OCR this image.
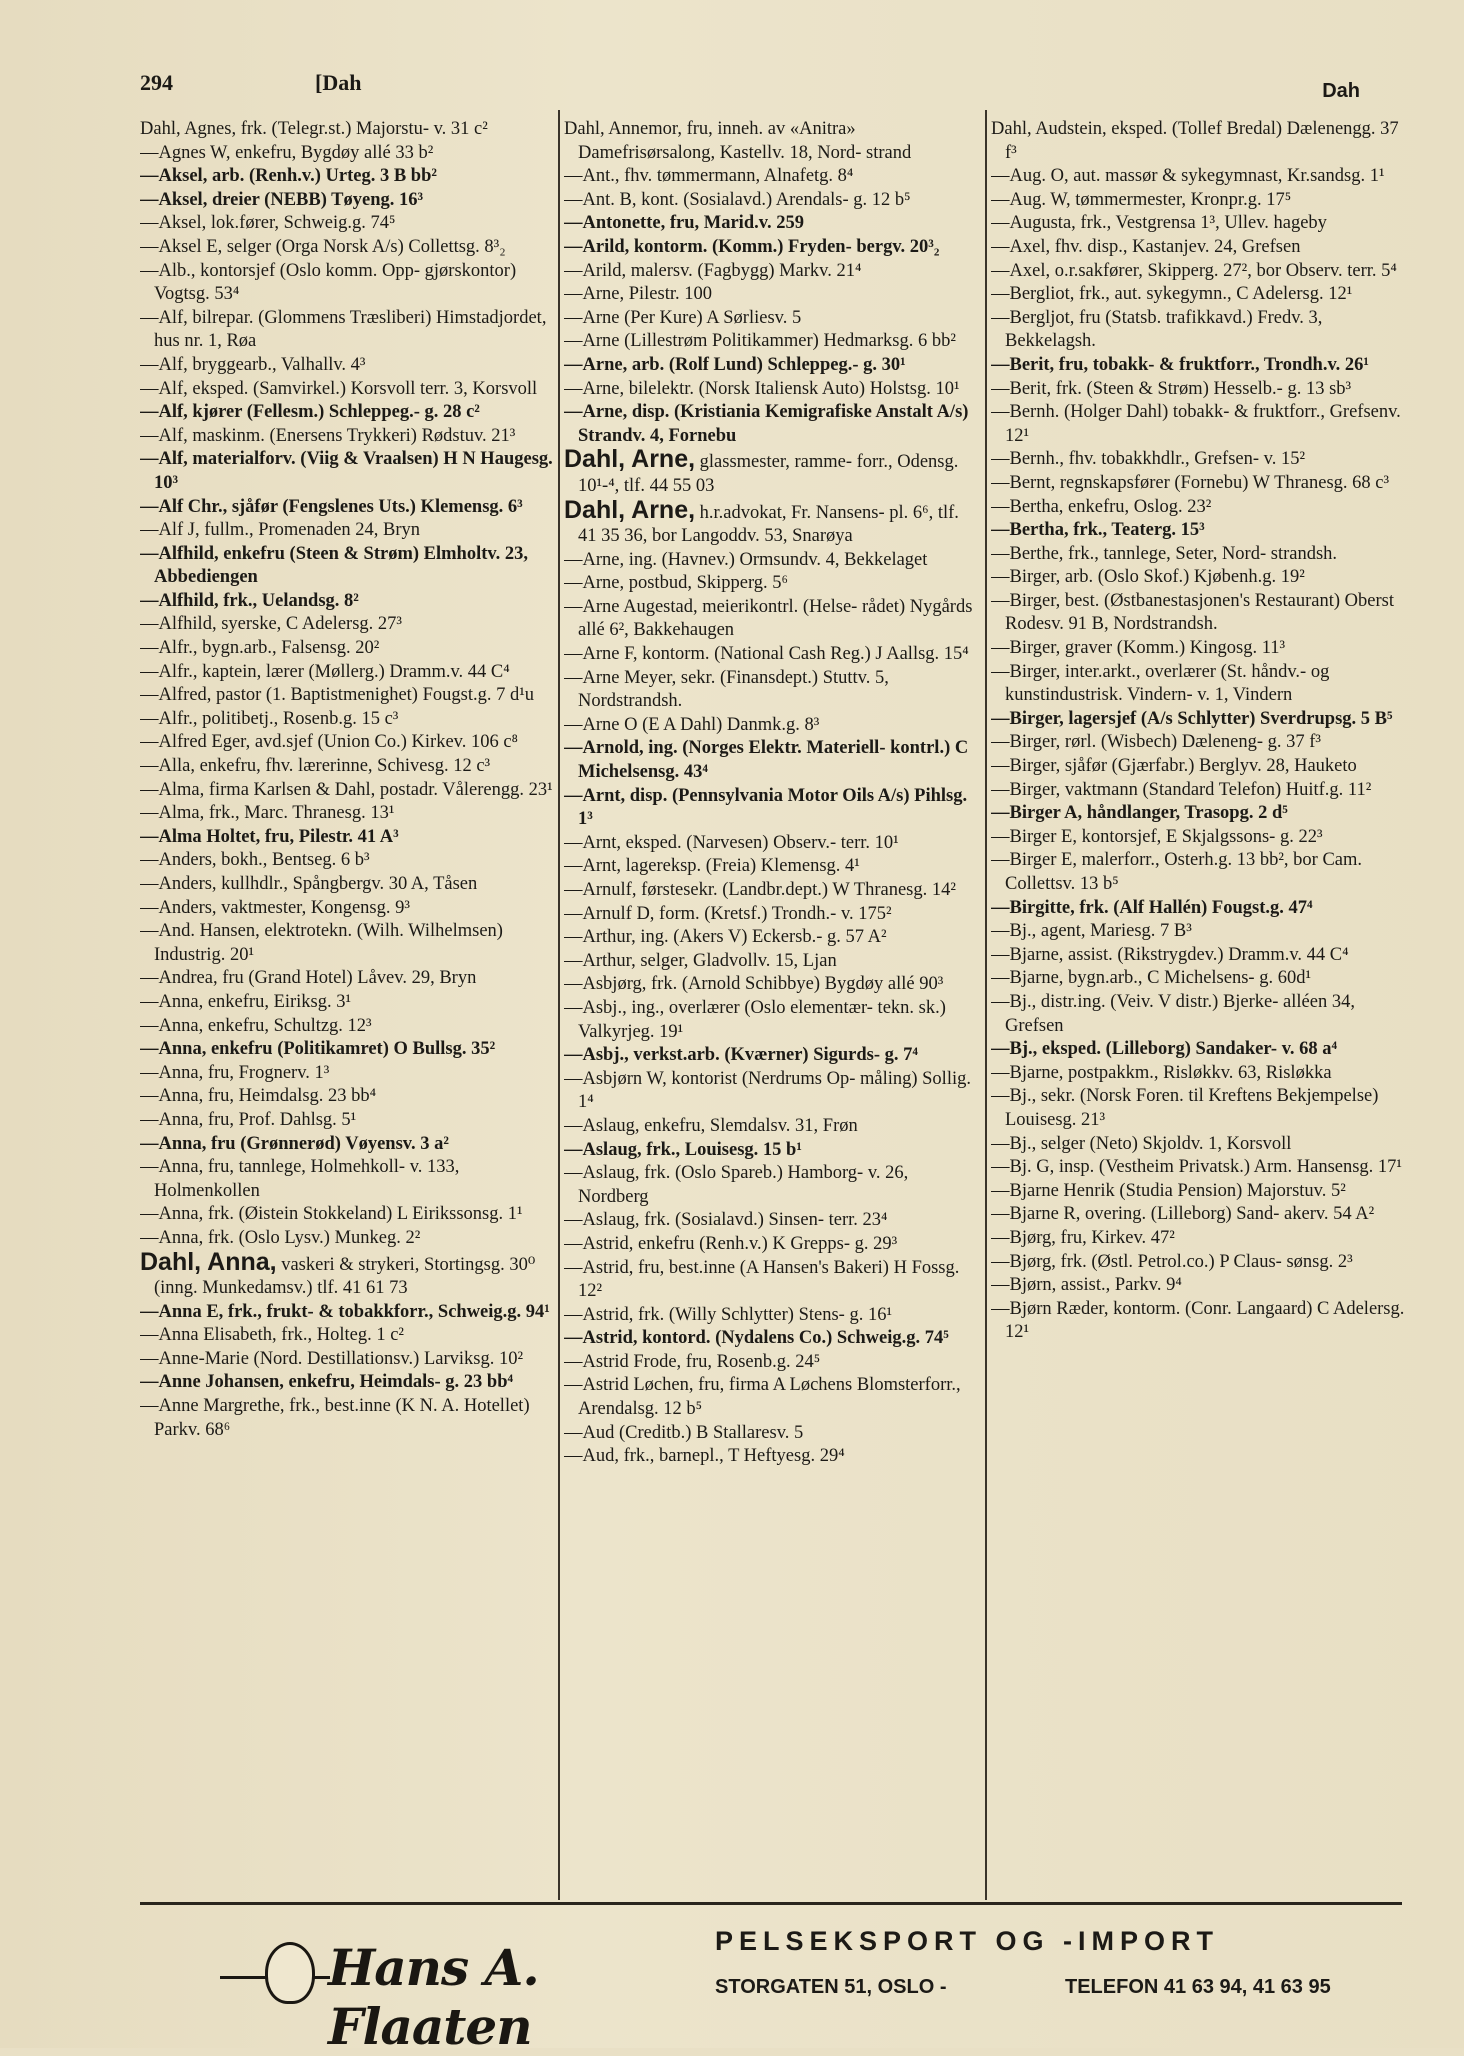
294	[Dah	Dah

Dahl, Agnes, frk. (Telegr.st.) Majorstu- v. 31 c²

—Agnes W, enkefru, Bygdøy allé 33 b²

—Aksel, arb. (Renh.v.) Urteg. 3 B bb²

—Aksel, dreier (NEBB) Tøyeng. 16³

—Aksel, lok.fører, Schweig.g. 74⁵

—Aksel E, selger (Orga Norsk A/s) Collettsg. 8³₂

—Alb., kontorsjef (Oslo komm. Opp- gjørskontor) Vogtsg. 53⁴

—Alf, bilrepar. (Glommens Træsliberi) Himstadjordet, hus nr. 1, Røa

—Alf, bryggearb., Valhallv. 4³

—Alf, eksped. (Samvirkel.) Korsvoll terr. 3, Korsvoll

—Alf, kjører (Fellesm.) Schleppeg.- g. 28 c²

—Alf, maskinm. (Enersens Trykkeri) Rødstuv. 21³

—Alf, materialforv. (Viig & Vraalsen) H N Haugesg. 10³

—Alf Chr., sjåfør (Fengslenes Uts.) Klemensg. 6³

—Alf J, fullm., Promenaden 24, Bryn

—Alfhild, enkefru (Steen & Strøm) Elmholtv. 23, Abbediengen

—Alfhild, frk., Uelandsg. 8²

—Alfhild, syerske, C Adelersg. 27³

—Alfr., bygn.arb., Falsensg. 20²

—Alfr., kaptein, lærer (Møllerg.) Dramm.v. 44 C⁴

—Alfred, pastor (1. Baptistmenighet) Fougst.g. 7 d¹u

—Alfr., politibetj., Rosenb.g. 15 c³

—Alfred Eger, avd.sjef (Union Co.) Kirkev. 106 c⁸

—Alla, enkefru, fhv. lærerinne, Schivesg. 12 c³

—Alma, firma Karlsen & Dahl, postadr. Vålerengg. 23¹

—Alma, frk., Marc. Thranesg. 13¹

—Alma Holtet, fru, Pilestr. 41 A³

—Anders, bokh., Bentseg. 6 b³

—Anders, kullhdlr., Spångbergv. 30 A, Tåsen

—Anders, vaktmester, Kongensg. 9³

—And. Hansen, elektrotekn. (Wilh. Wilhelmsen) Industrig. 20¹

—Andrea, fru (Grand Hotel) Låvev. 29, Bryn

—Anna, enkefru, Eiriksg. 3¹

—Anna, enkefru, Schultzg. 12³

—Anna, enkefru (Politikamret) O Bullsg. 35²

—Anna, fru, Frognerv. 1³

—Anna, fru, Heimdalsg. 23 bb⁴

—Anna, fru, Prof. Dahlsg. 5¹

—Anna, fru (Grønnerød) Vøyensv. 3 a²

—Anna, fru, tannlege, Holmehkoll- v. 133, Holmenkollen

—Anna, frk. (Øistein Stokkeland) L Eirikssonsg. 1¹

—Anna, frk. (Oslo Lysv.) Munkeg. 2²

Dahl, Anna, vaskeri & strykeri, Stortingsg. 30⁰ (inng. Munkedamsv.) tlf. 41 61 73

—Anna E, frk., frukt- & tobakkforr., Schweig.g. 94¹

—Anna Elisabeth, frk., Holteg. 1 c²

—Anne-Marie (Nord. Destillationsv.) Larviksg. 10²

—Anne Johansen, enkefru, Heimdals- g. 23 bb⁴

—Anne Margrethe, frk., best.inne (K N. A. Hotellet) Parkv. 68⁶

Dahl, Annemor, fru, inneh. av «Anitra» Damefrisørsalong, Kastellv. 18, Nord- strand

—Ant., fhv. tømmermann, Alnafetg. 8⁴

—Ant. B, kont. (Sosialavd.) Arendals- g. 12 b⁵

—Antonette, fru, Marid.v. 259

—Arild, kontorm. (Komm.) Fryden- bergv. 20³₂

—Arild, malersv. (Fagbygg) Markv. 21⁴

—Arne, Pilestr. 100

—Arne (Per Kure) A Sørliesv. 5

—Arne (Lillestrøm Politikammer) Hedmarksg. 6 bb²

—Arne, arb. (Rolf Lund) Schleppeg.- g. 30¹

—Arne, bilelektr. (Norsk Italiensk Auto) Holstsg. 10¹

—Arne, disp. (Kristiania Kemigrafiske Anstalt A/s) Strandv. 4, Fornebu

Dahl, Arne, glassmester, ramme- forr., Odensg. 10¹-⁴, tlf. 44 55 03

Dahl, Arne, h.r.advokat, Fr. Nansens- pl. 6⁶, tlf. 41 35 36, bor Langoddv. 53, Snarøya

—Arne, ing. (Havnev.) Ormsundv. 4, Bekkelaget

—Arne, postbud, Skipperg. 5⁶

—Arne Augestad, meierikontrl. (Helse- rådet) Nygårds allé 6², Bakkehaugen

—Arne F, kontorm. (National Cash Reg.) J Aallsg. 15⁴

—Arne Meyer, sekr. (Finansdept.) Stuttv. 5, Nordstrandsh.

—Arne O (E A Dahl) Danmk.g. 8³

—Arnold, ing. (Norges Elektr. Materiell- kontrl.) C Michelsensg. 43⁴

—Arnt, disp. (Pennsylvania Motor Oils A/s) Pihlsg. 1³

—Arnt, eksped. (Narvesen) Observ.- terr. 10¹

—Arnt, lagereksp. (Freia) Klemensg. 4¹

—Arnulf, førstesekr. (Landbr.dept.) W Thranesg. 14²

—Arnulf D, form. (Kretsf.) Trondh.- v. 175²

—Arthur, ing. (Akers V) Eckersb.- g. 57 A²

—Arthur, selger, Gladvollv. 15, Ljan

—Asbjørg, frk. (Arnold Schibbye) Bygdøy allé 90³

—Asbj., ing., overlærer (Oslo elementær- tekn. sk.) Valkyrjeg. 19¹

—Asbj., verkst.arb. (Kværner) Sigurds- g. 7⁴

—Asbjørn W, kontorist (Nerdrums Op- måling) Sollig. 1⁴

—Aslaug, enkefru, Slemdalsv. 31, Frøn

—Aslaug, frk., Louisesg. 15 b¹

—Aslaug, frk. (Oslo Spareb.) Hamborg- v. 26, Nordberg

—Aslaug, frk. (Sosialavd.) Sinsen- terr. 23⁴

—Astrid, enkefru (Renh.v.) K Grepps- g. 29³

—Astrid, fru, best.inne (A Hansen's Bakeri) H Fossg. 12²

—Astrid, frk. (Willy Schlytter) Stens- g. 16¹

—Astrid, kontord. (Nydalens Co.) Schweig.g. 74⁵

—Astrid Frode, fru, Rosenb.g. 24⁵

—Astrid Løchen, fru, firma A Løchens Blomsterforr., Arendalsg. 12 b⁵

—Aud (Creditb.) B Stallaresv. 5

—Aud, frk., barnepl., T Heftyesg. 29⁴

Dahl, Audstein, eksped. (Tollef Bredal) Dælenengg. 37 f³

—Aug. O, aut. massør & sykegymnast, Kr.sandsg. 1¹

—Aug. W, tømmermester, Kronpr.g. 17⁵

—Augusta, frk., Vestgrensa 1³, Ullev. hageby

—Axel, fhv. disp., Kastanjev. 24, Grefsen

—Axel, o.r.sakfører, Skipperg. 27², bor Observ. terr. 5⁴

—Bergliot, frk., aut. sykegymn., C Adelersg. 12¹

—Bergljot, fru (Statsb. trafikkavd.) Fredv. 3, Bekkelagsh.

—Berit, fru, tobakk- & fruktforr., Trondh.v. 26¹

—Berit, frk. (Steen & Strøm) Hesselb.- g. 13 sb³

—Bernh. (Holger Dahl) tobakk- & fruktforr., Grefsenv. 12¹

—Bernh., fhv. tobakkhdlr., Grefsen- v. 15²

—Bernt, regnskapsfører (Fornebu) W Thranesg. 68 c³

—Bertha, enkefru, Oslog. 23²

—Bertha, frk., Teaterg. 15³

—Berthe, frk., tannlege, Seter, Nord- strandsh.

—Birger, arb. (Oslo Skof.) Kjøbenh.g. 19²

—Birger, best. (Østbanestasjonen's Restaurant) Oberst Rodesv. 91 B, Nordstrandsh.

—Birger, graver (Komm.) Kingosg. 11³

—Birger, inter.arkt., overlærer (St. håndv.- og kunstindustrisk. Vindern- v. 1, Vindern

—Birger, lagersjef (A/s Schlytter) Sverdrupsg. 5 B⁵

—Birger, rørl. (Wisbech) Dæleneng- g. 37 f³

—Birger, sjåfør (Gjærfabr.) Berglyv. 28, Hauketo

—Birger, vaktmann (Standard Telefon) Huitf.g. 11²

—Birger A, håndlanger, Trasopg. 2 d⁵

—Birger E, kontorsjef, E Skjalgssons- g. 22³

—Birger E, malerforr., Osterh.g. 13 bb², bor Cam. Collettsv. 13 b⁵

—Birgitte, frk. (Alf Hallén) Fougst.g. 47⁴

—Bj., agent, Mariesg. 7 B³

—Bjarne, assist. (Rikstrygdev.) Dramm.v. 44 C⁴

—Bjarne, bygn.arb., C Michelsens- g. 60d¹

—Bj., distr.ing. (Veiv. V distr.) Bjerke- alléen 34, Grefsen

—Bj., eksped. (Lilleborg) Sandaker- v. 68 a⁴

—Bjarne, postpakkm., Risløkkv. 63, Risløkka

—Bj., sekr. (Norsk Foren. til Kreftens Bekjempelse) Louisesg. 21³

—Bj., selger (Neto) Skjoldv. 1, Korsvoll

—Bj. G, insp. (Vestheim Privatsk.) Arm. Hansensg. 17¹

—Bjarne Henrik (Studia Pension) Majorstuv. 5²

—Bjarne R, overing. (Lilleborg) Sand- akerv. 54 A²

—Bjørg, fru, Kirkev. 47²

—Bjørg, frk. (Østl. Petrol.co.) P Claus- sønsg. 2³

—Bjørn, assist., Parkv. 9⁴

—Bjørn Ræder, kontorm. (Conr. Langaard) C Adelersg. 12¹

Hans A. Flaaten
PELSEKSPORT OG -IMPORT
STORGATEN 51, OSLO -	TELEFON 41 63 94, 41 63 95
